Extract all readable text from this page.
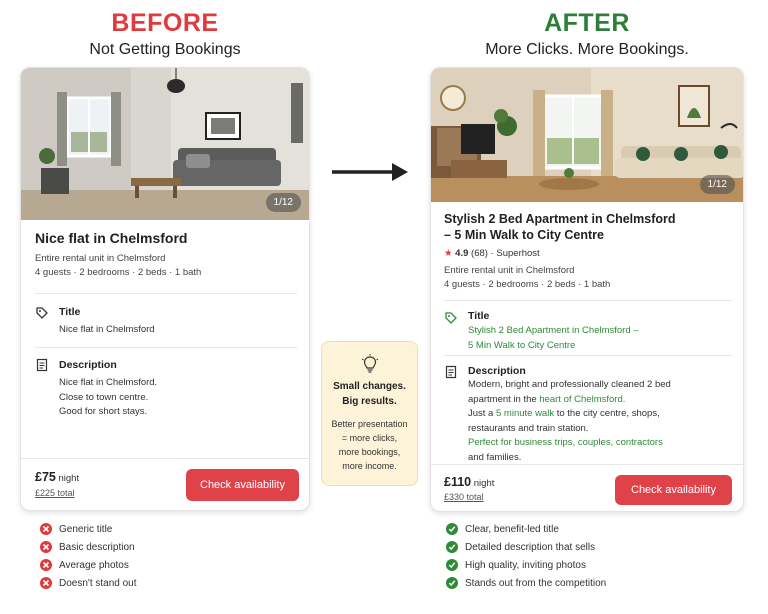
BEFORE
Not Getting Bookings
AFTER
More Clicks. More Bookings.
1/12
Nice flat in Chelmsford
Entire rental unit in Chelmsford
4 guests · 2 bedrooms · 2 beds · 1 bath
Title
Nice flat in Chelmsford
Description
Nice flat in Chelmsford.
Close to town centre.
Good for short stays.
£75 night
£225 total
Check availability
1/12
Stylish 2 Bed Apartment in Chelmsford
– 5 Min Walk to City Centre
★ 4.9 (68) · Superhost
Entire rental unit in Chelmsford
4 guests · 2 bedrooms · 2 beds · 1 bath
Title
Stylish 2 Bed Apartment in Chelmsford –
5 Min Walk to City Centre
Description
Modern, bright and professionally cleaned 2 bed
apartment in the heart of Chelmsford.
Just a 5 minute walk to the city centre, shops,
restaurants and train station.
Perfect for business trips, couples, contractors
and families.
£110 night
£330 total
Check availability
Small changes.
Big results.
Better presentation
= more clicks,
more bookings,
more income.
Generic title
Basic description
Average photos
Doesn't stand out
Clear, benefit-led title
Detailed description that sells
High quality, inviting photos
Stands out from the competition
